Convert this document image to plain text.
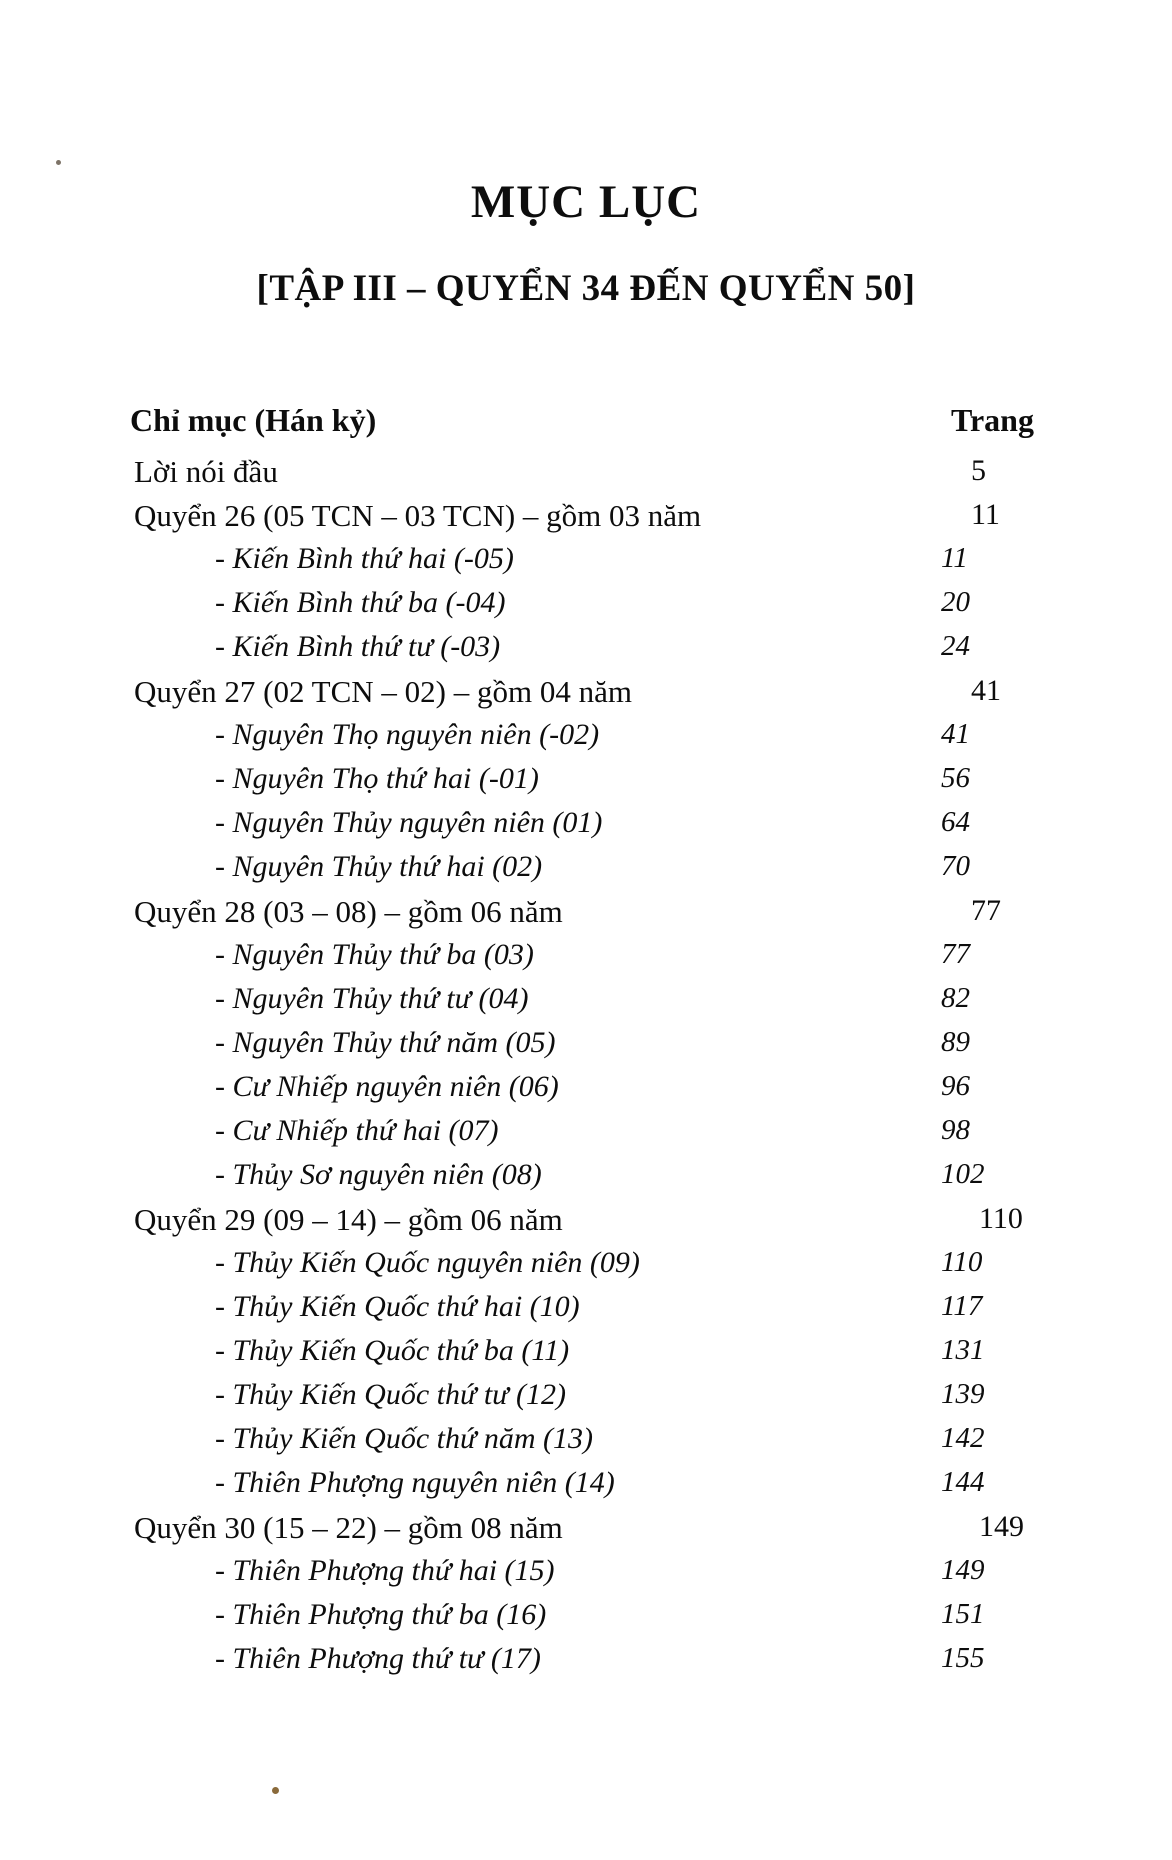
MỤC LỤC
[TẬP III – QUYỂN 34 ĐẾN QUYỂN 50]
Chỉ mục (Hán kỷ)	Trang
Lời nói đầu	5
Quyển 26 (05 TCN – 03 TCN) – gồm 03 năm	11
- Kiến Bình thứ hai (-05)	11
- Kiến Bình thứ ba (-04)	20
- Kiến Bình thứ tư (-03)	24
Quyển 27 (02 TCN – 02) – gồm 04 năm	41
- Nguyên Thọ nguyên niên (-02)	41
- Nguyên Thọ thứ hai (-01)	56
- Nguyên Thủy nguyên niên (01)	64
- Nguyên Thủy thứ hai (02)	70
Quyển 28 (03 – 08) – gồm 06 năm	77
- Nguyên Thủy thứ ba (03)	77
- Nguyên Thủy thứ tư (04)	82
- Nguyên Thủy thứ năm (05)	89
- Cư Nhiếp nguyên niên (06)	96
- Cư Nhiếp thứ hai (07)	98
- Thủy Sơ nguyên niên (08)	102
Quyển 29 (09 – 14) – gồm 06 năm	110
- Thủy Kiến Quốc nguyên niên (09)	110
- Thủy Kiến Quốc thứ hai (10)	117
- Thủy Kiến Quốc thứ ba (11)	131
- Thủy Kiến Quốc thứ tư (12)	139
- Thủy Kiến Quốc thứ năm (13)	142
- Thiên Phượng nguyên niên (14)	144
Quyển 30 (15 – 22) – gồm 08 năm	149
- Thiên Phượng thứ hai (15)	149
- Thiên Phượng thứ ba (16)	151
- Thiên Phượng thứ tư (17)	155
